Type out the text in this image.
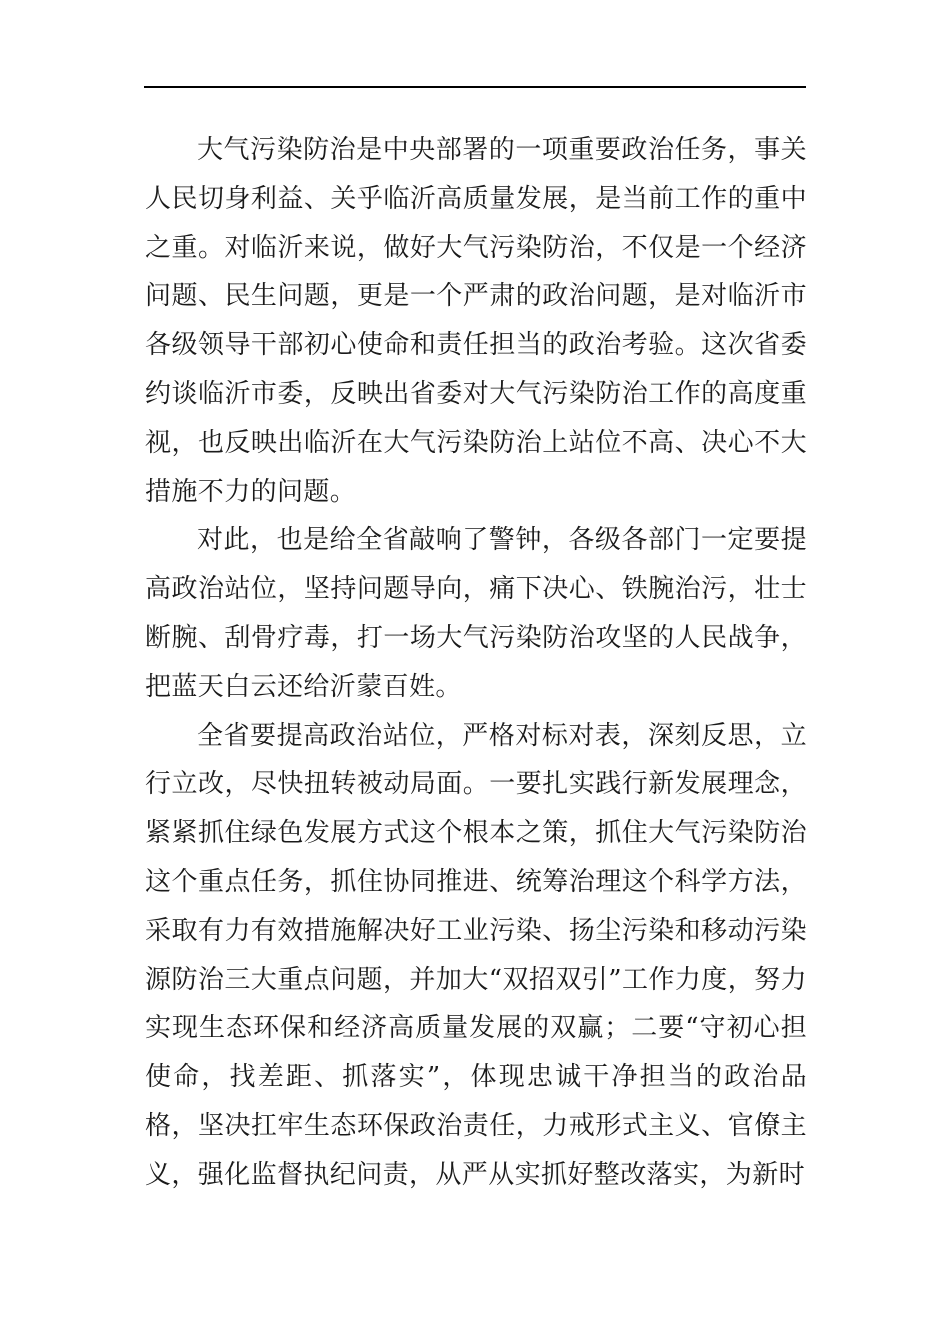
大气污染防治是中央部署的一项重要政治任务，事关人民切身利益、关乎临沂高质量发展，是当前工作的重中之重。对临沂来说，做好大气污染防治，不仅是一个经济问题、民生问题，更是一个严肃的政治问题，是对临沂市各级领导干部初心使命和责任担当的政治考验。这次省委约谈临沂市委，反映出省委对大气污染防治工作的高度重视，也反映出临沂在大气污染防治上站位不高、决心不大措施不力的问题。

对此，也是给全省敲响了警钟，各级各部门一定要提高政治站位，坚持问题导向，痛下决心、铁腕治污，壮士断腕、刮骨疗毒，打一场大气污染防治攻坚的人民战争，把蓝天白云还给沂蒙百姓。

全省要提高政治站位，严格对标对表，深刻反思，立行立改，尽快扭转被动局面。一要扎实践行新发展理念，紧紧抓住绿色发展方式这个根本之策，抓住大气污染防治这个重点任务，抓住协同推进、统筹治理这个科学方法，采取有力有效措施解决好工业污染、扬尘污染和移动污染源防治三大重点问题，并加大“双招双引”工作力度，努力实现生态环保和经济高质量发展的双赢；二要“守初心担使命，找差距、抓落实”，体现忠诚干净担当的政治品格，坚决扛牢生态环保政治责任，力戒形式主义、官僚主义，强化监督执纪问责，从严从实抓好整改落实，为新时
